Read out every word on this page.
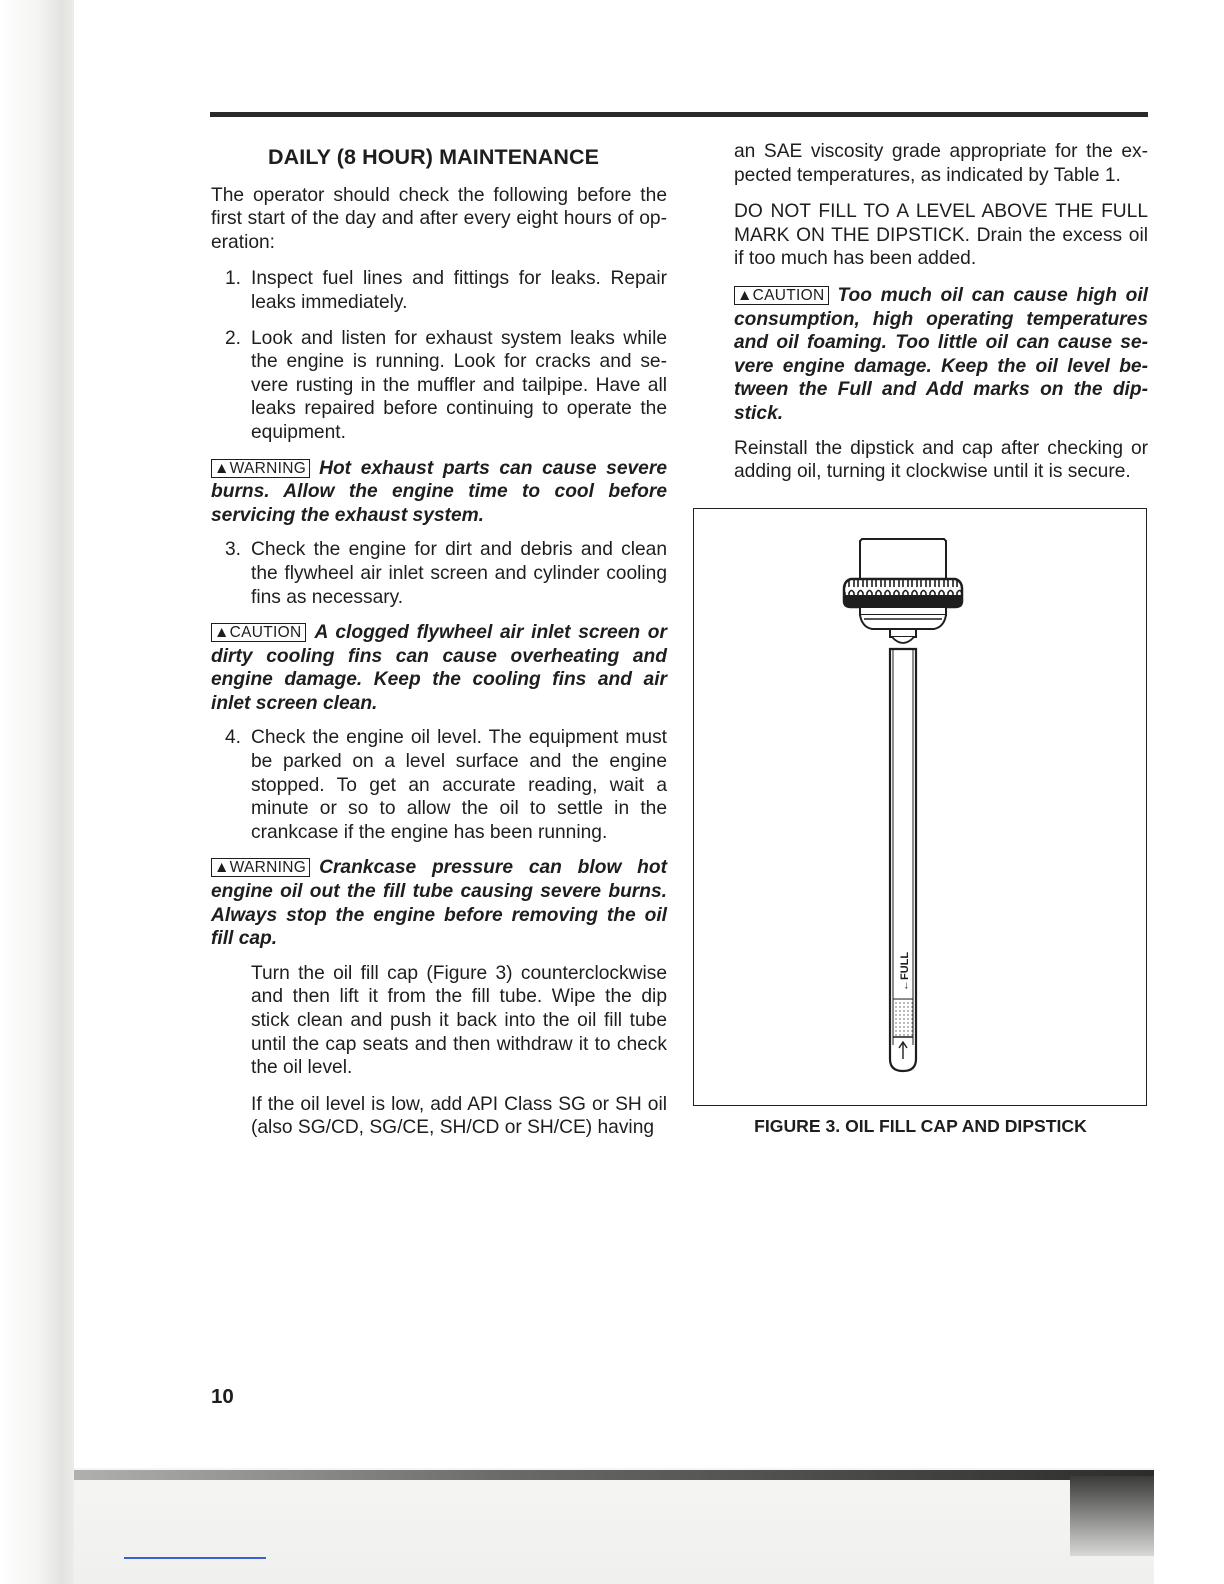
DAILY (8 HOUR) MAINTENANCE
The operator should check the following before the first start of the day and after every eight hours of operation:
1. Inspect fuel lines and fittings for leaks. Repair leaks immediately.
2. Look and listen for exhaust system leaks while the engine is running. Look for cracks and severe rusting in the muffler and tailpipe. Have all leaks repaired before continuing to operate the equipment.
▲WARNING Hot exhaust parts can cause severe burns. Allow the engine time to cool before servicing the exhaust system.
3. Check the engine for dirt and debris and clean the flywheel air inlet screen and cylinder cooling fins as necessary.
▲CAUTION A clogged flywheel air inlet screen or dirty cooling fins can cause overheating and engine damage. Keep the cooling fins and air inlet screen clean.
4. Check the engine oil level. The equipment must be parked on a level surface and the engine stopped. To get an accurate reading, wait a minute or so to allow the oil to settle in the crankcase if the engine has been running.
▲WARNING Crankcase pressure can blow hot engine oil out the fill tube causing severe burns. Always stop the engine before removing the oil fill cap.
Turn the oil fill cap (Figure 3) counterclockwise and then lift it from the fill tube. Wipe the dip stick clean and push it back into the oil fill tube until the cap seats and then withdraw it to check the oil level.
If the oil level is low, add API Class SG or SH oil (also SG/CD, SG/CE, SH/CD or SH/CE) having
an SAE viscosity grade appropriate for the expected temperatures, as indicated by Table 1.
DO NOT FILL TO A LEVEL ABOVE THE FULL MARK ON THE DIPSTICK. Drain the excess oil if too much has been added.
▲CAUTION Too much oil can cause high oil consumption, high operating temperatures and oil foaming. Too little oil can cause severe engine damage. Keep the oil level between the Full and Add marks on the dipstick.
Reinstall the dipstick and cap after checking or adding oil, turning it clockwise until it is secure.
←FULL
FIGURE 3. OIL FILL CAP AND DIPSTICK
10
